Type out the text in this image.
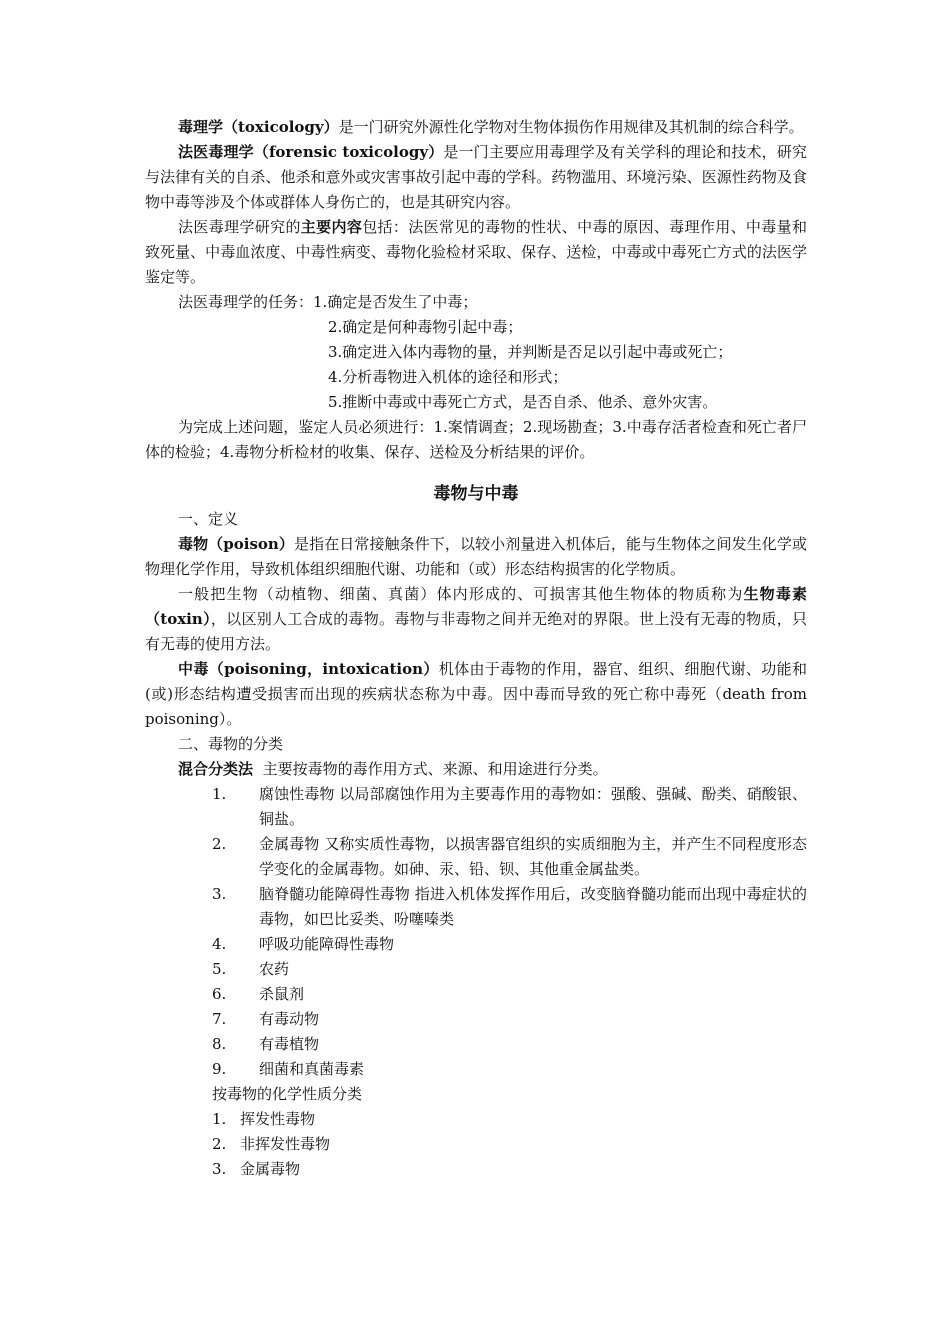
毒理学（toxicology）是一门研究外源性化学物对生物体损伤作用规律及其机制的综合科学。

法医毒理学（forensic toxicology）是一门主要应用毒理学及有关学科的理论和技术，研究与法律有关的自杀、他杀和意外或灾害事故引起中毒的学科。药物滥用、环境污染、医源性药物及食物中毒等涉及个体或群体人身伤亡的，也是其研究内容。

法医毒理学研究的主要内容包括：法医常见的毒物的性状、中毒的原因、毒理作用、中毒量和致死量、中毒血浓度、中毒性病变、毒物化验检材采取、保存、送检，中毒或中毒死亡方式的法医学鉴定等。

法医毒理学的任务：1.确定是否发生了中毒；

2.确定是何种毒物引起中毒；

3.确定进入体内毒物的量，并判断是否足以引起中毒或死亡；

4.分析毒物进入机体的途径和形式；

5.推断中毒或中毒死亡方式，是否自杀、他杀、意外灾害。

为完成上述问题，鉴定人员必须进行：1.案情调查；2.现场勘查；3.中毒存活者检查和死亡者尸体的检验；4.毒物分析检材的收集、保存、送检及分析结果的评价。

毒物与中毒

一、定义

毒物（poison）是指在日常接触条件下，以较小剂量进入机体后，能与生物体之间发生化学或物理化学作用，导致机体组织细胞代谢、功能和（或）形态结构损害的化学物质。

一般把生物（动植物、细菌、真菌）体内形成的、可损害其他生物体的物质称为生物毒素（toxin），以区别人工合成的毒物。毒物与非毒物之间并无绝对的界限。世上没有无毒的物质，只有无毒的使用方法。

中毒（poisoning，intoxication）机体由于毒物的作用，器官、组织、细胞代谢、功能和(或)形态结构遭受损害而出现的疾病状态称为中毒。因中毒而导致的死亡称中毒死（death from poisoning）。

二、毒物的分类

混合分类法 主要按毒物的毒作用方式、来源、和用途进行分类。

1.	腐蚀性毒物 以局部腐蚀作用为主要毒作用的毒物如：强酸、强碱、酚类、硝酸银、铜盐。
2.	金属毒物 又称实质性毒物，以损害器官组织的实质细胞为主，并产生不同程度形态学变化的金属毒物。如砷、汞、铅、钡、其他重金属盐类。
3.	脑脊髓功能障碍性毒物 指进入机体发挥作用后，改变脑脊髓功能而出现中毒症状的毒物，如巴比妥类、吩噻嗪类
4.	呼吸功能障碍性毒物
5.	农药
6.	杀鼠剂
7.	有毒动物
8.	有毒植物
9.	细菌和真菌毒素

按毒物的化学性质分类

1. 挥发性毒物
2. 非挥发性毒物
3. 金属毒物
